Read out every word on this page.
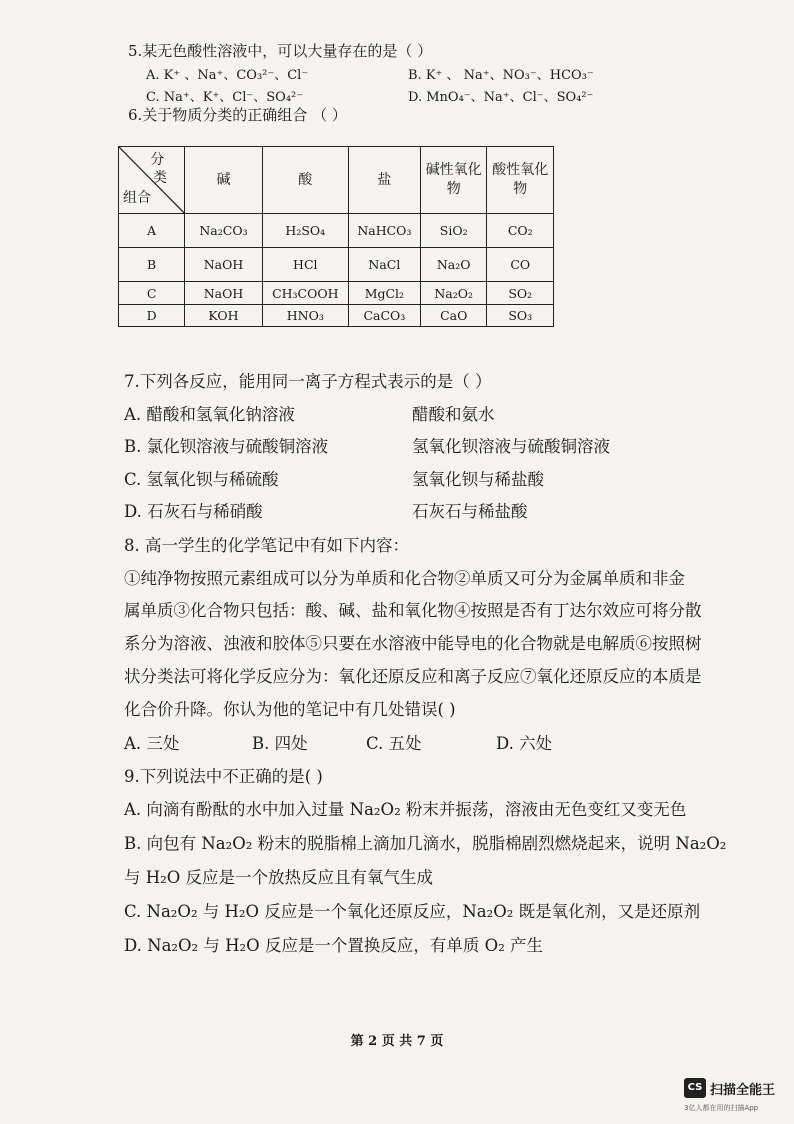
5.某无色酸性溶液中，可以大量存在的是（ ）
A. K⁺ 、Na⁺、CO₃²⁻、Cl⁻	B. K⁺ 、 Na⁺、NO₃⁻、HCO₃⁻
C. Na⁺、K⁺、Cl⁻、SO₄²⁻	D. MnO₄⁻、Na⁺、Cl⁻、SO₄²⁻
6.关于物质分类的正确组合 （ ）
分
类
组合	碱	酸	盐	碱性氧化物	酸性氧化物
A	Na₂CO₃	H₂SO₄	NaHCO₃	SiO₂	CO₂
B	NaOH	HCl	NaCl	Na₂O	CO
C	NaOH	CH₃COOH	MgCl₂	Na₂O₂	SO₂
D	KOH	HNO₃	CaCO₃	CaO	SO₃
7.下列各反应，能用同一离子方程式表示的是（ ）
A. 醋酸和氢氧化钠溶液	醋酸和氨水
B. 氯化钡溶液与硫酸铜溶液	氢氧化钡溶液与硫酸铜溶液
C. 氢氧化钡与稀硫酸	氢氧化钡与稀盐酸
D. 石灰石与稀硝酸	石灰石与稀盐酸
8. 高一学生的化学笔记中有如下内容：
①纯净物按照元素组成可以分为单质和化合物②单质又可分为金属单质和非金
属单质③化合物只包括：酸、碱、盐和氧化物④按照是否有丁达尔效应可将分散
系分为溶液、浊液和胶体⑤只要在水溶液中能导电的化合物就是电解质⑥按照树
状分类法可将化学反应分为：氧化还原反应和离子反应⑦氧化还原反应的本质是
化合价升降。你认为他的笔记中有几处错误( )
A. 三处	B. 四处	C. 五处	D. 六处
9.下列说法中不正确的是( )
A. 向滴有酚酞的水中加入过量 Na₂O₂ 粉末并振荡，溶液由无色变红又变无色
B. 向包有 Na₂O₂ 粉末的脱脂棉上滴加几滴水，脱脂棉剧烈燃烧起来，说明 Na₂O₂
与 H₂O 反应是一个放热反应且有氧气生成
C. Na₂O₂ 与 H₂O 反应是一个氧化还原反应，Na₂O₂ 既是氧化剂，又是还原剂
D. Na₂O₂ 与 H₂O 反应是一个置换反应，有单质 O₂ 产生
第 2 页 共 7 页
CS 扫描全能王
3亿人都在用的扫描App
